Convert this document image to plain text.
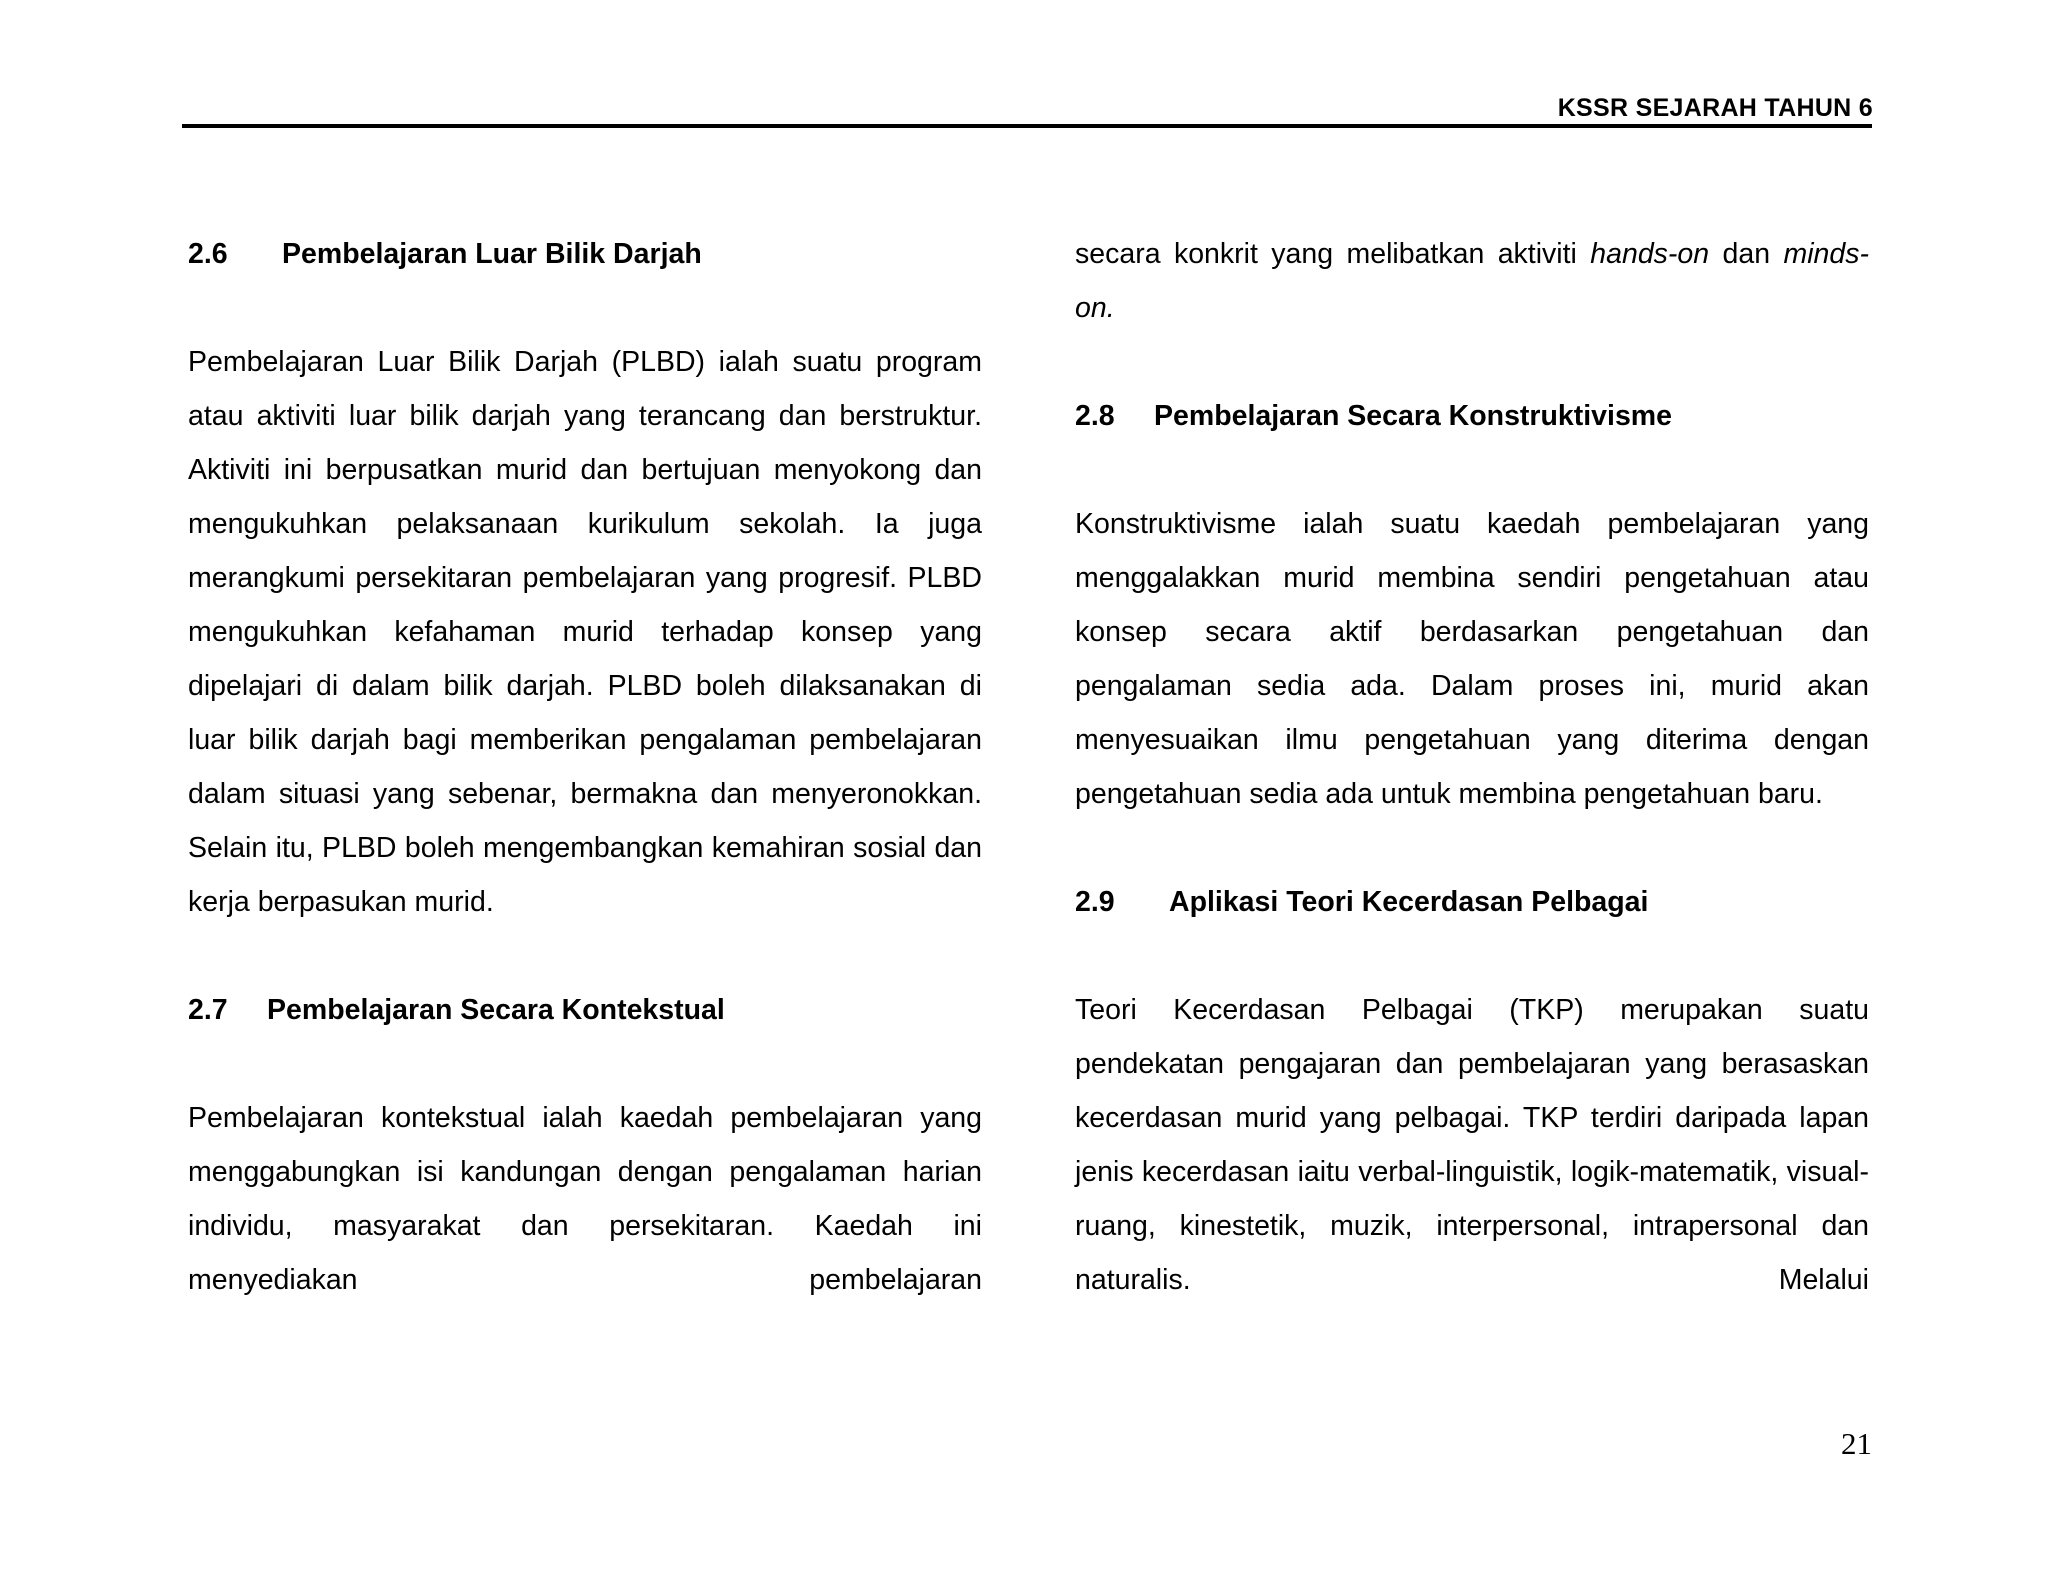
KSSR SEJARAH TAHUN 6
2.6 Pembelajaran Luar Bilik Darjah

Pembelajaran Luar Bilik Darjah (PLBD) ialah suatu program atau aktiviti luar bilik darjah yang terancang dan berstruktur. Aktiviti ini berpusatkan murid dan bertujuan menyokong dan mengukuhkan pelaksanaan kurikulum sekolah. Ia juga merangkumi persekitaran pembelajaran yang progresif. PLBD mengukuhkan kefahaman murid terhadap konsep yang dipelajari di dalam bilik darjah. PLBD boleh dilaksanakan di luar bilik darjah bagi memberikan pengalaman pembelajaran dalam situasi yang sebenar, bermakna dan menyeronokkan. Selain itu, PLBD boleh mengembangkan kemahiran sosial dan kerja berpasukan murid.

2.7 Pembelajaran Secara Kontekstual

Pembelajaran kontekstual ialah kaedah pembelajaran yang menggabungkan isi kandungan dengan pengalaman harian individu, masyarakat dan persekitaran. Kaedah ini menyediakan pembelajaran

secara konkrit yang melibatkan aktiviti hands-on dan minds-on.

2.8 Pembelajaran Secara Konstruktivisme

Konstruktivisme ialah suatu kaedah pembelajaran yang menggalakkan murid membina sendiri pengetahuan atau konsep secara aktif berdasarkan pengetahuan dan pengalaman sedia ada. Dalam proses ini, murid akan menyesuaikan ilmu pengetahuan yang diterima dengan pengetahuan sedia ada untuk membina pengetahuan baru.

2.9 Aplikasi Teori Kecerdasan Pelbagai

Teori Kecerdasan Pelbagai (TKP) merupakan suatu pendekatan pengajaran dan pembelajaran yang berasaskan kecerdasan murid yang pelbagai. TKP terdiri daripada lapan jenis kecerdasan iaitu verbal-linguistik, logik-matematik, visual-ruang, kinestetik, muzik, interpersonal, intrapersonal dan naturalis. Melalui

21
